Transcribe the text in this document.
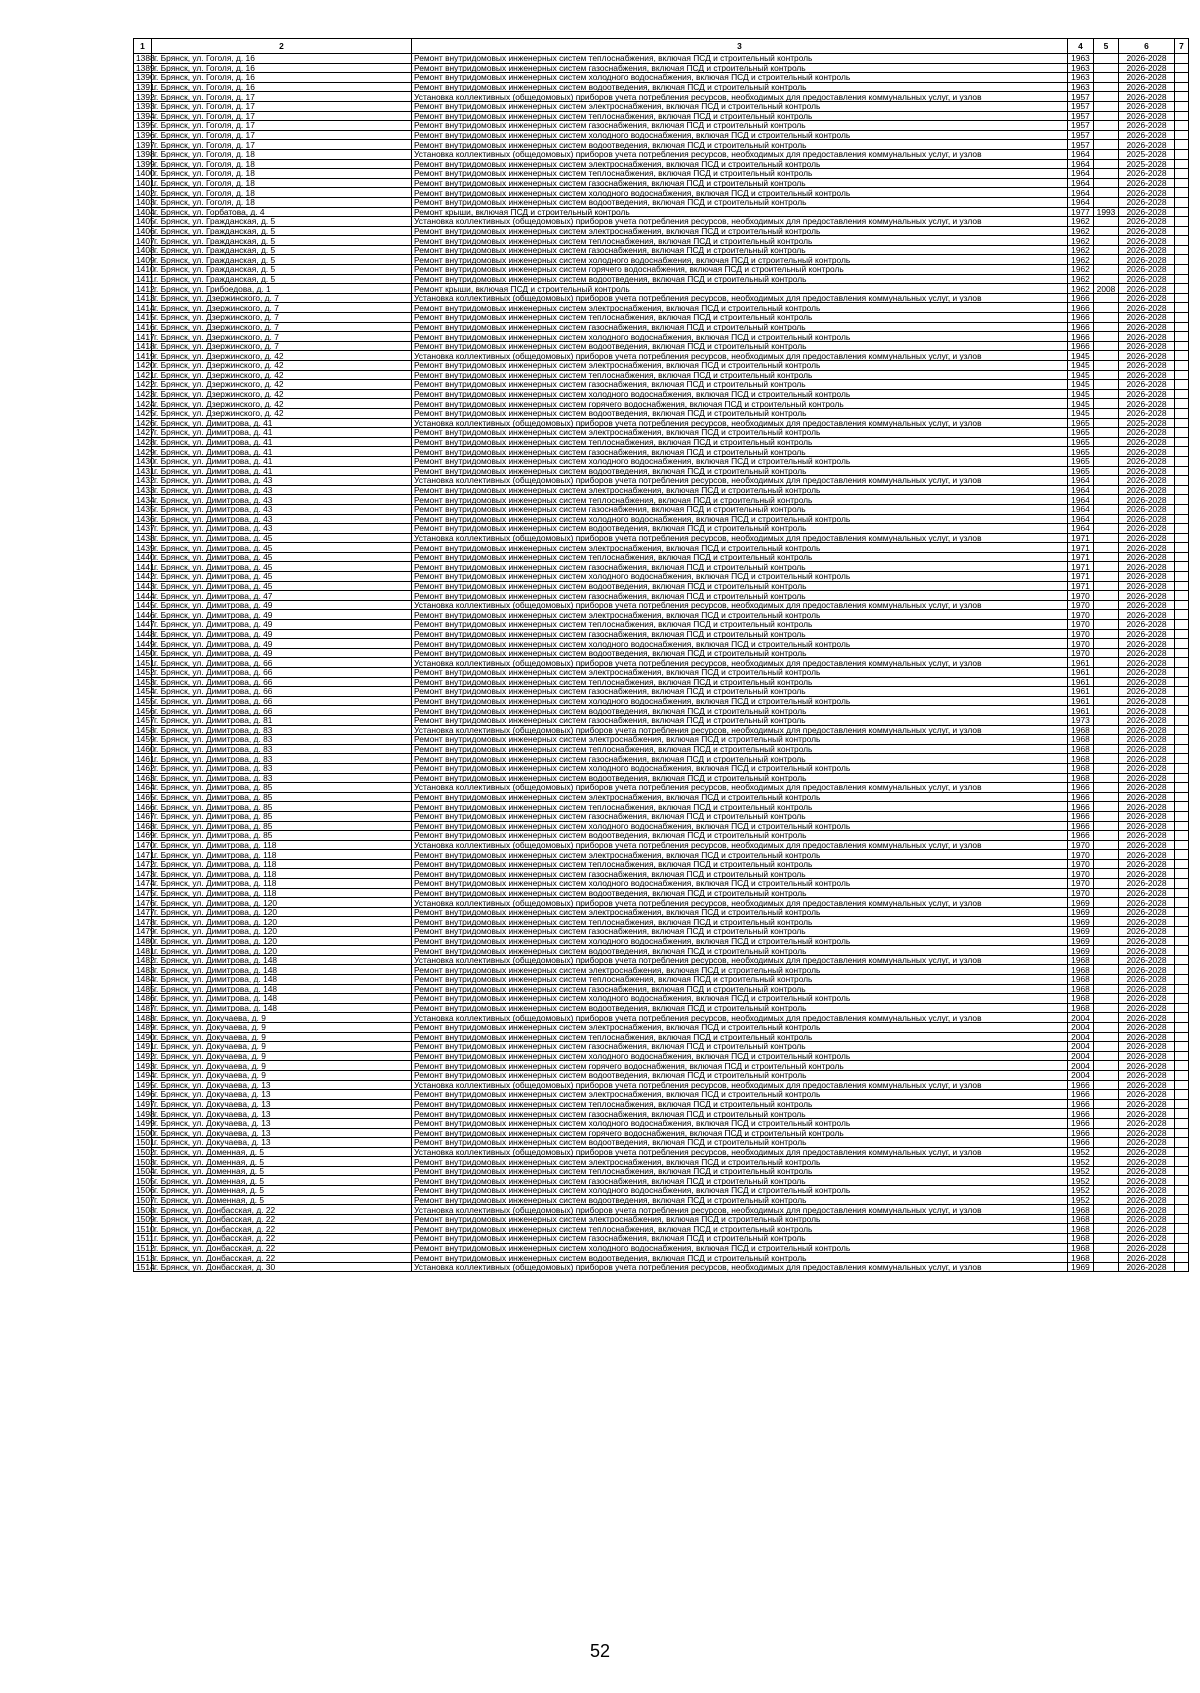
1	2	3	4	5	6	7
1388	г. Брянск, ул. Гоголя, д. 16	Ремонт внутридомовых инженерных систем теплоснабжения, включая ПСД и строительный контроль	1963		2026-2028	
1389	г. Брянск, ул. Гоголя, д. 16	Ремонт внутридомовых инженерных систем газоснабжения, включая ПСД и строительный контроль	1963		2026-2028	
1390	г. Брянск, ул. Гоголя, д. 16	Ремонт внутридомовых инженерных систем холодного водоснабжения, включая ПСД и строительный контроль	1963		2026-2028	
1391	г. Брянск, ул. Гоголя, д. 16	Ремонт внутридомовых инженерных систем водоотведения, включая ПСД и строительный контроль	1963		2026-2028	
1392	г. Брянск, ул. Гоголя, д. 17	Установка коллективных (общедомовых) приборов учета потребления ресурсов, необходимых для предоставления коммунальных услуг, и узлов	1957		2026-2028	
1393	г. Брянск, ул. Гоголя, д. 17	Ремонт внутридомовых инженерных систем электроснабжения, включая ПСД и строительный контроль	1957		2026-2028	
1394	г. Брянск, ул. Гоголя, д. 17	Ремонт внутридомовых инженерных систем теплоснабжения, включая ПСД и строительный контроль	1957		2026-2028	
1395	г. Брянск, ул. Гоголя, д. 17	Ремонт внутридомовых инженерных систем газоснабжения, включая ПСД и строительный контроль	1957		2026-2028	
1396	г. Брянск, ул. Гоголя, д. 17	Ремонт внутридомовых инженерных систем холодного водоснабжения, включая ПСД и строительный контроль	1957		2026-2028	
1397	г. Брянск, ул. Гоголя, д. 17	Ремонт внутридомовых инженерных систем водоотведения, включая ПСД и строительный контроль	1957		2026-2028	
1398	г. Брянск, ул. Гоголя, д. 18	Установка коллективных (общедомовых) приборов учета потребления ресурсов, необходимых для предоставления коммунальных услуг, и узлов	1964		2025-2028	
1399	г. Брянск, ул. Гоголя, д. 18	Ремонт внутридомовых инженерных систем электроснабжения, включая ПСД и строительный контроль	1964		2025-2028	
1400	г. Брянск, ул. Гоголя, д. 18	Ремонт внутридомовых инженерных систем теплоснабжения, включая ПСД и строительный контроль	1964		2026-2028	
1401	г. Брянск, ул. Гоголя, д. 18	Ремонт внутридомовых инженерных систем газоснабжения, включая ПСД и строительный контроль	1964		2026-2028	
1402	г. Брянск, ул. Гоголя, д. 18	Ремонт внутридомовых инженерных систем холодного водоснабжения, включая ПСД и строительный контроль	1964		2026-2028	
1403	г. Брянск, ул. Гоголя, д. 18	Ремонт внутридомовых инженерных систем водоотведения, включая ПСД и строительный контроль	1964		2026-2028	
1404	г. Брянск, ул. Горбатова, д. 4	Ремонт крыши, включая ПСД и строительный контроль	1977	1993	2026-2028	
1405	г. Брянск, ул. Гражданская, д. 5	Установка коллективных (общедомовых) приборов учета потребления ресурсов, необходимых для предоставления коммунальных услуг, и узлов	1962		2026-2028	
1406	г. Брянск, ул. Гражданская, д. 5	Ремонт внутридомовых инженерных систем электроснабжения, включая ПСД и строительный контроль	1962		2026-2028	
1407	г. Брянск, ул. Гражданская, д. 5	Ремонт внутридомовых инженерных систем теплоснабжения, включая ПСД и строительный контроль	1962		2026-2028	
1408	г. Брянск, ул. Гражданская, д. 5	Ремонт внутридомовых инженерных систем газоснабжения, включая ПСД и строительный контроль	1962		2026-2028	
1409	г. Брянск, ул. Гражданская, д. 5	Ремонт внутридомовых инженерных систем холодного водоснабжения, включая ПСД и строительный контроль	1962		2026-2028	
1410	г. Брянск, ул. Гражданская, д. 5	Ремонт внутридомовых инженерных систем горячего водоснабжения, включая ПСД и строительный контроль	1962		2026-2028	
1411	г. Брянск, ул. Гражданская, д. 5	Ремонт внутридомовых инженерных систем водоотведения, включая ПСД и строительный контроль	1962		2026-2028	
1412	г. Брянск, ул. Грибоедова, д. 1	Ремонт крыши, включая ПСД и строительный контроль	1962	2008	2026-2028	
1413	г. Брянск, ул. Дзержинского, д. 7	Установка коллективных (общедомовых) приборов учета потребления ресурсов, необходимых для предоставления коммунальных услуг, и узлов	1966		2026-2028	
1414	г. Брянск, ул. Дзержинского, д. 7	Ремонт внутридомовых инженерных систем электроснабжения, включая ПСД и строительный контроль	1966		2026-2028	
1415	г. Брянск, ул. Дзержинского, д. 7	Ремонт внутридомовых инженерных систем теплоснабжения, включая ПСД и строительный контроль	1966		2026-2028	
1416	г. Брянск, ул. Дзержинского, д. 7	Ремонт внутридомовых инженерных систем газоснабжения, включая ПСД и строительный контроль	1966		2026-2028	
1417	г. Брянск, ул. Дзержинского, д. 7	Ремонт внутридомовых инженерных систем холодного водоснабжения, включая ПСД и строительный контроль	1966		2026-2028	
1418	г. Брянск, ул. Дзержинского, д. 7	Ремонт внутридомовых инженерных систем водоотведения, включая ПСД и строительный контроль	1966		2026-2028	
1419	г. Брянск, ул. Дзержинского, д. 42	Установка коллективных (общедомовых) приборов учета потребления ресурсов, необходимых для предоставления коммунальных услуг, и узлов	1945		2026-2028	
1420	г. Брянск, ул. Дзержинского, д. 42	Ремонт внутридомовых инженерных систем электроснабжения, включая ПСД и строительный контроль	1945		2026-2028	
1421	г. Брянск, ул. Дзержинского, д. 42	Ремонт внутридомовых инженерных систем теплоснабжения, включая ПСД и строительный контроль	1945		2026-2028	
1422	г. Брянск, ул. Дзержинского, д. 42	Ремонт внутридомовых инженерных систем газоснабжения, включая ПСД и строительный контроль	1945		2026-2028	
1423	г. Брянск, ул. Дзержинского, д. 42	Ремонт внутридомовых инженерных систем холодного водоснабжения, включая ПСД и строительный контроль	1945		2026-2028	
1424	г. Брянск, ул. Дзержинского, д. 42	Ремонт внутридомовых инженерных систем горячего водоснабжения, включая ПСД и строительный контроль	1945		2026-2028	
1425	г. Брянск, ул. Дзержинского, д. 42	Ремонт внутридомовых инженерных систем водоотведения, включая ПСД и строительный контроль	1945		2026-2028	
1426	г. Брянск, ул. Димитрова, д. 41	Установка коллективных (общедомовых) приборов учета потребления ресурсов, необходимых для предоставления коммунальных услуг, и узлов	1965		2025-2028	
1427	г. Брянск, ул. Димитрова, д. 41	Ремонт внутридомовых инженерных систем электроснабжения, включая ПСД и строительный контроль	1965		2026-2028	
1428	г. Брянск, ул. Димитрова, д. 41	Ремонт внутридомовых инженерных систем теплоснабжения, включая ПСД и строительный контроль	1965		2026-2028	
1429	г. Брянск, ул. Димитрова, д. 41	Ремонт внутридомовых инженерных систем газоснабжения, включая ПСД и строительный контроль	1965		2026-2028	
1430	г. Брянск, ул. Димитрова, д. 41	Ремонт внутридомовых инженерных систем холодного водоснабжения, включая ПСД и строительный контроль	1965		2026-2028	
1431	г. Брянск, ул. Димитрова, д. 41	Ремонт внутридомовых инженерных систем водоотведения, включая ПСД и строительный контроль	1965		2026-2028	
1432	г. Брянск, ул. Димитрова, д. 43	Установка коллективных (общедомовых) приборов учета потребления ресурсов, необходимых для предоставления коммунальных услуг, и узлов	1964		2026-2028	
1433	г. Брянск, ул. Димитрова, д. 43	Ремонт внутридомовых инженерных систем электроснабжения, включая ПСД и строительный контроль	1964		2026-2028	
1434	г. Брянск, ул. Димитрова, д. 43	Ремонт внутридомовых инженерных систем теплоснабжения, включая ПСД и строительный контроль	1964		2026-2028	
1435	г. Брянск, ул. Димитрова, д. 43	Ремонт внутридомовых инженерных систем газоснабжения, включая ПСД и строительный контроль	1964		2026-2028	
1436	г. Брянск, ул. Димитрова, д. 43	Ремонт внутридомовых инженерных систем холодного водоснабжения, включая ПСД и строительный контроль	1964		2026-2028	
1437	г. Брянск, ул. Димитрова, д. 43	Ремонт внутридомовых инженерных систем водоотведения, включая ПСД и строительный контроль	1964		2026-2028	
1438	г. Брянск, ул. Димитрова, д. 45	Установка коллективных (общедомовых) приборов учета потребления ресурсов, необходимых для предоставления коммунальных услуг, и узлов	1971		2026-2028	
1439	г. Брянск, ул. Димитрова, д. 45	Ремонт внутридомовых инженерных систем электроснабжения, включая ПСД и строительный контроль	1971		2026-2028	
1440	г. Брянск, ул. Димитрова, д. 45	Ремонт внутридомовых инженерных систем теплоснабжения, включая ПСД и строительный контроль	1971		2026-2028	
1441	г. Брянск, ул. Димитрова, д. 45	Ремонт внутридомовых инженерных систем газоснабжения, включая ПСД и строительный контроль	1971		2026-2028	
1442	г. Брянск, ул. Димитрова, д. 45	Ремонт внутридомовых инженерных систем холодного водоснабжения, включая ПСД и строительный контроль	1971		2026-2028	
1443	г. Брянск, ул. Димитрова, д. 45	Ремонт внутридомовых инженерных систем водоотведения, включая ПСД и строительный контроль	1971		2026-2028	
1444	г. Брянск, ул. Димитрова, д. 47	Ремонт внутридомовых инженерных систем газоснабжения, включая ПСД и строительный контроль	1970		2026-2028	
1445	г. Брянск, ул. Димитрова, д. 49	Установка коллективных (общедомовых) приборов учета потребления ресурсов, необходимых для предоставления коммунальных услуг, и узлов	1970		2026-2028	
1446	г. Брянск, ул. Димитрова, д. 49	Ремонт внутридомовых инженерных систем электроснабжения, включая ПСД и строительный контроль	1970		2026-2028	
1447	г. Брянск, ул. Димитрова, д. 49	Ремонт внутридомовых инженерных систем теплоснабжения, включая ПСД и строительный контроль	1970		2026-2028	
1448	г. Брянск, ул. Димитрова, д. 49	Ремонт внутридомовых инженерных систем газоснабжения, включая ПСД и строительный контроль	1970		2026-2028	
1449	г. Брянск, ул. Димитрова, д. 49	Ремонт внутридомовых инженерных систем холодного водоснабжения, включая ПСД и строительный контроль	1970		2026-2028	
1450	г. Брянск, ул. Димитрова, д. 49	Ремонт внутридомовых инженерных систем водоотведения, включая ПСД и строительный контроль	1970		2026-2028	
1451	г. Брянск, ул. Димитрова, д. 66	Установка коллективных (общедомовых) приборов учета потребления ресурсов, необходимых для предоставления коммунальных услуг, и узлов	1961		2026-2028	
1452	г. Брянск, ул. Димитрова, д. 66	Ремонт внутридомовых инженерных систем электроснабжения, включая ПСД и строительный контроль	1961		2026-2028	
1453	г. Брянск, ул. Димитрова, д. 66	Ремонт внутридомовых инженерных систем теплоснабжения, включая ПСД и строительный контроль	1961		2026-2028	
1454	г. Брянск, ул. Димитрова, д. 66	Ремонт внутридомовых инженерных систем газоснабжения, включая ПСД и строительный контроль	1961		2026-2028	
1455	г. Брянск, ул. Димитрова, д. 66	Ремонт внутридомовых инженерных систем холодного водоснабжения, включая ПСД и строительный контроль	1961		2026-2028	
1456	г. Брянск, ул. Димитрова, д. 66	Ремонт внутридомовых инженерных систем водоотведения, включая ПСД и строительный контроль	1961		2026-2028	
1457	г. Брянск, ул. Димитрова, д. 81	Ремонт внутридомовых инженерных систем газоснабжения, включая ПСД и строительный контроль	1973		2026-2028	
1458	г. Брянск, ул. Димитрова, д. 83	Установка коллективных (общедомовых) приборов учета потребления ресурсов, необходимых для предоставления коммунальных услуг, и узлов	1968		2026-2028	
1459	г. Брянск, ул. Димитрова, д. 83	Ремонт внутридомовых инженерных систем электроснабжения, включая ПСД и строительный контроль	1968		2026-2028	
1460	г. Брянск, ул. Димитрова, д. 83	Ремонт внутридомовых инженерных систем теплоснабжения, включая ПСД и строительный контроль	1968		2026-2028	
1461	г. Брянск, ул. Димитрова, д. 83	Ремонт внутридомовых инженерных систем газоснабжения, включая ПСД и строительный контроль	1968		2026-2028	
1462	г. Брянск, ул. Димитрова, д. 83	Ремонт внутридомовых инженерных систем холодного водоснабжения, включая ПСД и строительный контроль	1968		2026-2028	
1463	г. Брянск, ул. Димитрова, д. 83	Ремонт внутридомовых инженерных систем водоотведения, включая ПСД и строительный контроль	1968		2026-2028	
1464	г. Брянск, ул. Димитрова, д. 85	Установка коллективных (общедомовых) приборов учета потребления ресурсов, необходимых для предоставления коммунальных услуг, и узлов	1966		2026-2028	
1465	г. Брянск, ул. Димитрова, д. 85	Ремонт внутридомовых инженерных систем электроснабжения, включая ПСД и строительный контроль	1966		2026-2028	
1466	г. Брянск, ул. Димитрова, д. 85	Ремонт внутридомовых инженерных систем теплоснабжения, включая ПСД и строительный контроль	1966		2026-2028	
1467	г. Брянск, ул. Димитрова, д. 85	Ремонт внутридомовых инженерных систем газоснабжения, включая ПСД и строительный контроль	1966		2026-2028	
1468	г. Брянск, ул. Димитрова, д. 85	Ремонт внутридомовых инженерных систем холодного водоснабжения, включая ПСД и строительный контроль	1966		2026-2028	
1469	г. Брянск, ул. Димитрова, д. 85	Ремонт внутридомовых инженерных систем водоотведения, включая ПСД и строительный контроль	1966		2026-2028	
1470	г. Брянск, ул. Димитрова, д. 118	Установка коллективных (общедомовых) приборов учета потребления ресурсов, необходимых для предоставления коммунальных услуг, и узлов	1970		2026-2028	
1471	г. Брянск, ул. Димитрова, д. 118	Ремонт внутридомовых инженерных систем электроснабжения, включая ПСД и строительный контроль	1970		2026-2028	
1472	г. Брянск, ул. Димитрова, д. 118	Ремонт внутридомовых инженерных систем теплоснабжения, включая ПСД и строительный контроль	1970		2026-2028	
1473	г. Брянск, ул. Димитрова, д. 118	Ремонт внутридомовых инженерных систем газоснабжения, включая ПСД и строительный контроль	1970		2026-2028	
1474	г. Брянск, ул. Димитрова, д. 118	Ремонт внутридомовых инженерных систем холодного водоснабжения, включая ПСД и строительный контроль	1970		2026-2028	
1475	г. Брянск, ул. Димитрова, д. 118	Ремонт внутридомовых инженерных систем водоотведения, включая ПСД и строительный контроль	1970		2026-2028	
1476	г. Брянск, ул. Димитрова, д. 120	Установка коллективных (общедомовых) приборов учета потребления ресурсов, необходимых для предоставления коммунальных услуг, и узлов	1969		2026-2028	
1477	г. Брянск, ул. Димитрова, д. 120	Ремонт внутридомовых инженерных систем электроснабжения, включая ПСД и строительный контроль	1969		2026-2028	
1478	г. Брянск, ул. Димитрова, д. 120	Ремонт внутридомовых инженерных систем теплоснабжения, включая ПСД и строительный контроль	1969		2026-2028	
1479	г. Брянск, ул. Димитрова, д. 120	Ремонт внутридомовых инженерных систем газоснабжения, включая ПСД и строительный контроль	1969		2026-2028	
1480	г. Брянск, ул. Димитрова, д. 120	Ремонт внутридомовых инженерных систем холодного водоснабжения, включая ПСД и строительный контроль	1969		2026-2028	
1481	г. Брянск, ул. Димитрова, д. 120	Ремонт внутридомовых инженерных систем водоотведения, включая ПСД и строительный контроль	1969		2026-2028	
1482	г. Брянск, ул. Димитрова, д. 148	Установка коллективных (общедомовых) приборов учета потребления ресурсов, необходимых для предоставления коммунальных услуг, и узлов	1968		2026-2028	
1483	г. Брянск, ул. Димитрова, д. 148	Ремонт внутридомовых инженерных систем электроснабжения, включая ПСД и строительный контроль	1968		2026-2028	
1484	г. Брянск, ул. Димитрова, д. 148	Ремонт внутридомовых инженерных систем теплоснабжения, включая ПСД и строительный контроль	1968		2026-2028	
1485	г. Брянск, ул. Димитрова, д. 148	Ремонт внутридомовых инженерных систем газоснабжения, включая ПСД и строительный контроль	1968		2026-2028	
1486	г. Брянск, ул. Димитрова, д. 148	Ремонт внутридомовых инженерных систем холодного водоснабжения, включая ПСД и строительный контроль	1968		2026-2028	
1487	г. Брянск, ул. Димитрова, д. 148	Ремонт внутридомовых инженерных систем водоотведения, включая ПСД и строительный контроль	1968		2026-2028	
1488	г. Брянск, ул. Докучаева, д. 9	Установка коллективных (общедомовых) приборов учета потребления ресурсов, необходимых для предоставления коммунальных услуг, и узлов	2004		2026-2028	
1489	г. Брянск, ул. Докучаева, д. 9	Ремонт внутридомовых инженерных систем электроснабжения, включая ПСД и строительный контроль	2004		2026-2028	
1490	г. Брянск, ул. Докучаева, д. 9	Ремонт внутридомовых инженерных систем теплоснабжения, включая ПСД и строительный контроль	2004		2026-2028	
1491	г. Брянск, ул. Докучаева, д. 9	Ремонт внутридомовых инженерных систем газоснабжения, включая ПСД и строительный контроль	2004		2026-2028	
1492	г. Брянск, ул. Докучаева, д. 9	Ремонт внутридомовых инженерных систем холодного водоснабжения, включая ПСД и строительный контроль	2004		2026-2028	
1493	г. Брянск, ул. Докучаева, д. 9	Ремонт внутридомовых инженерных систем горячего водоснабжения, включая ПСД и строительный контроль	2004		2026-2028	
1494	г. Брянск, ул. Докучаева, д. 9	Ремонт внутридомовых инженерных систем водоотведения, включая ПСД и строительный контроль	2004		2026-2028	
1495	г. Брянск, ул. Докучаева, д. 13	Установка коллективных (общедомовых) приборов учета потребления ресурсов, необходимых для предоставления коммунальных услуг, и узлов	1966		2026-2028	
1496	г. Брянск, ул. Докучаева, д. 13	Ремонт внутридомовых инженерных систем электроснабжения, включая ПСД и строительный контроль	1966		2026-2028	
1497	г. Брянск, ул. Докучаева, д. 13	Ремонт внутридомовых инженерных систем теплоснабжения, включая ПСД и строительный контроль	1966		2026-2028	
1498	г. Брянск, ул. Докучаева, д. 13	Ремонт внутридомовых инженерных систем газоснабжения, включая ПСД и строительный контроль	1966		2026-2028	
1499	г. Брянск, ул. Докучаева, д. 13	Ремонт внутридомовых инженерных систем холодного водоснабжения, включая ПСД и строительный контроль	1966		2026-2028	
1500	г. Брянск, ул. Докучаева, д. 13	Ремонт внутридомовых инженерных систем горячего водоснабжения, включая ПСД и строительный контроль	1966		2026-2028	
1501	г. Брянск, ул. Докучаева, д. 13	Ремонт внутридомовых инженерных систем водоотведения, включая ПСД и строительный контроль	1966		2026-2028	
1502	г. Брянск, ул. Доменная, д. 5	Установка коллективных (общедомовых) приборов учета потребления ресурсов, необходимых для предоставления коммунальных услуг, и узлов	1952		2026-2028	
1503	г. Брянск, ул. Доменная, д. 5	Ремонт внутридомовых инженерных систем электроснабжения, включая ПСД и строительный контроль	1952		2026-2028	
1504	г. Брянск, ул. Доменная, д. 5	Ремонт внутридомовых инженерных систем теплоснабжения, включая ПСД и строительный контроль	1952		2026-2028	
1505	г. Брянск, ул. Доменная, д. 5	Ремонт внутридомовых инженерных систем газоснабжения, включая ПСД и строительный контроль	1952		2026-2028	
1506	г. Брянск, ул. Доменная, д. 5	Ремонт внутридомовых инженерных систем холодного водоснабжения, включая ПСД и строительный контроль	1952		2026-2028	
1507	г. Брянск, ул. Доменная, д. 5	Ремонт внутридомовых инженерных систем водоотведения, включая ПСД и строительный контроль	1952		2026-2028	
1508	г. Брянск, ул. Донбасская, д. 22	Установка коллективных (общедомовых) приборов учета потребления ресурсов, необходимых для предоставления коммунальных услуг, и узлов	1968		2026-2028	
1509	г. Брянск, ул. Донбасская, д. 22	Ремонт внутридомовых инженерных систем электроснабжения, включая ПСД и строительный контроль	1968		2026-2028	
1510	г. Брянск, ул. Донбасская, д. 22	Ремонт внутридомовых инженерных систем теплоснабжения, включая ПСД и строительный контроль	1968		2026-2028	
1511	г. Брянск, ул. Донбасская, д. 22	Ремонт внутридомовых инженерных систем газоснабжения, включая ПСД и строительный контроль	1968		2026-2028	
1512	г. Брянск, ул. Донбасская, д. 22	Ремонт внутридомовых инженерных систем холодного водоснабжения, включая ПСД и строительный контроль	1968		2026-2028	
1513	г. Брянск, ул. Донбасская, д. 22	Ремонт внутридомовых инженерных систем водоотведения, включая ПСД и строительный контроль	1968		2026-2028	
1514	г. Брянск, ул. Донбасская, д. 30	Установка коллективных (общедомовых) приборов учета потребления ресурсов, необходимых для предоставления коммунальных услуг, и узлов	1969		2026-2028	
52
